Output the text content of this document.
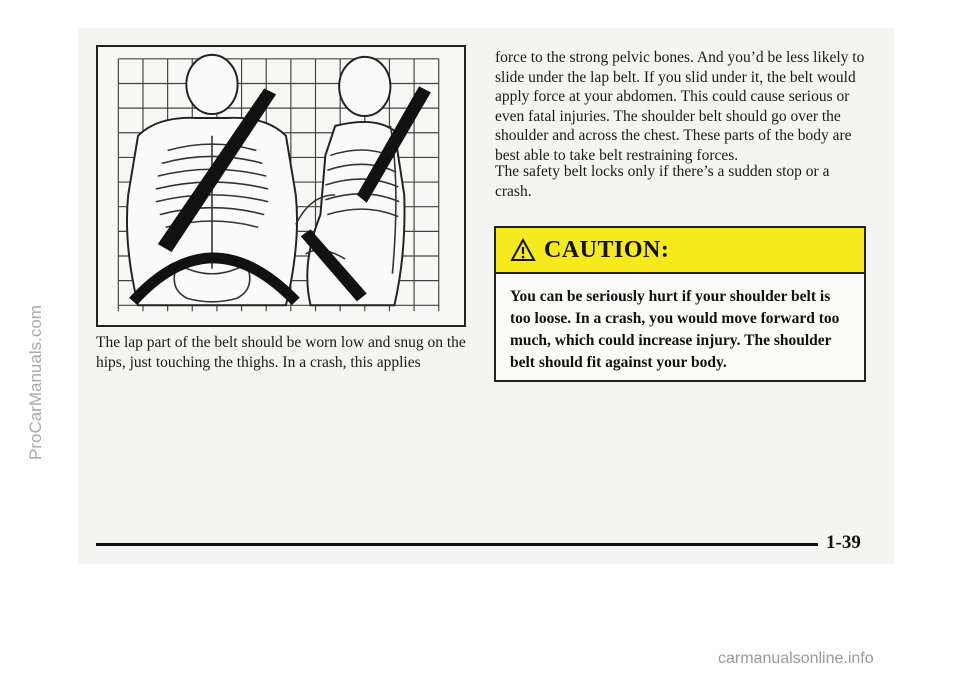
The lap part of the belt should be worn low and snug on the hips, just touching the thighs. In a crash, this applies
force to the strong pelvic bones. And you’d be less likely to slide under the lap belt. If you slid under it, the belt would apply force at your abdomen. This could cause serious or even fatal injuries. The shoulder belt should go over the shoulder and across the chest. These parts of the body are best able to take belt restraining forces.
The safety belt locks only if there’s a sudden stop or a crash.
CAUTION:
You can be seriously hurt if your shoulder belt is too loose. In a crash, you would move forward too much, which could increase injury. The shoulder belt should fit against your body.
1-39
ProCarManuals.com
carmanualsonline.info
